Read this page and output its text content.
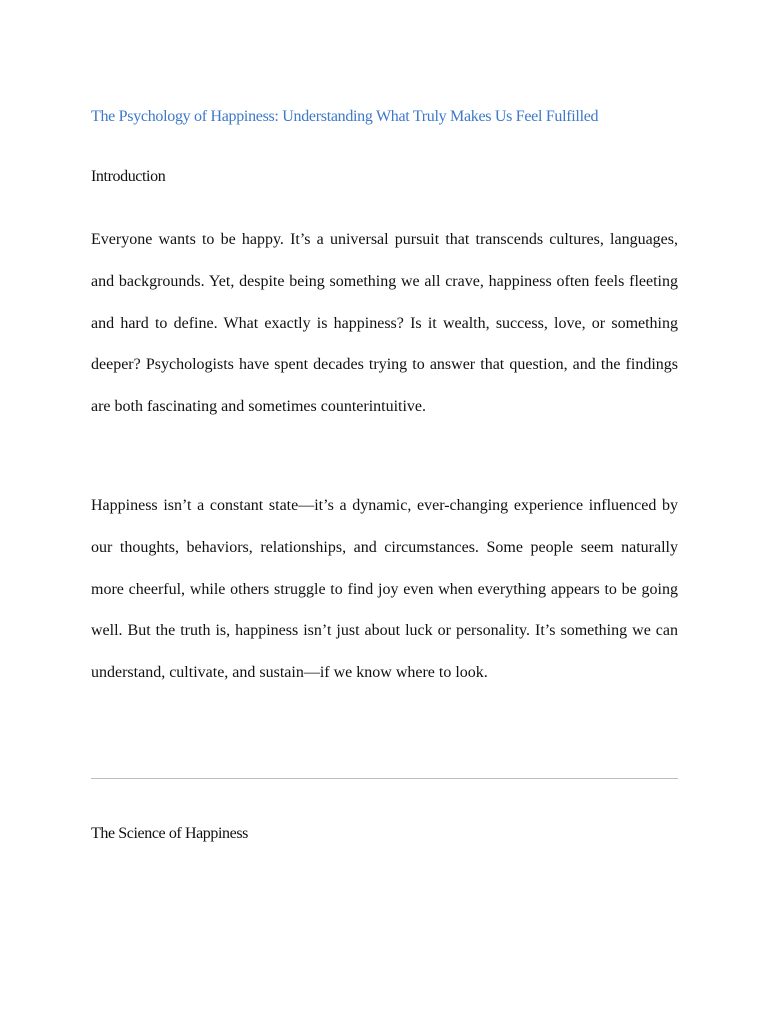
The Psychology of Happiness: Understanding What Truly Makes Us Feel Fulfilled
Introduction

Everyone wants to be happy. It’s a universal pursuit that transcends cultures, languages, and backgrounds. Yet, despite being something we all crave, happiness often feels fleeting and hard to define. What exactly is happiness? Is it wealth, success, love, or something deeper? Psychologists have spent decades trying to answer that question, and the findings are both fascinating and sometimes counterintuitive.

Happiness isn’t a constant state—it’s a dynamic, ever-changing experience influenced by our thoughts, behaviors, relationships, and circumstances. Some people seem naturally more cheerful, while others struggle to find joy even when everything appears to be going well. But the truth is, happiness isn’t just about luck or personality. It’s something we can understand, cultivate, and sustain—if we know where to look.

The Science of Happiness
